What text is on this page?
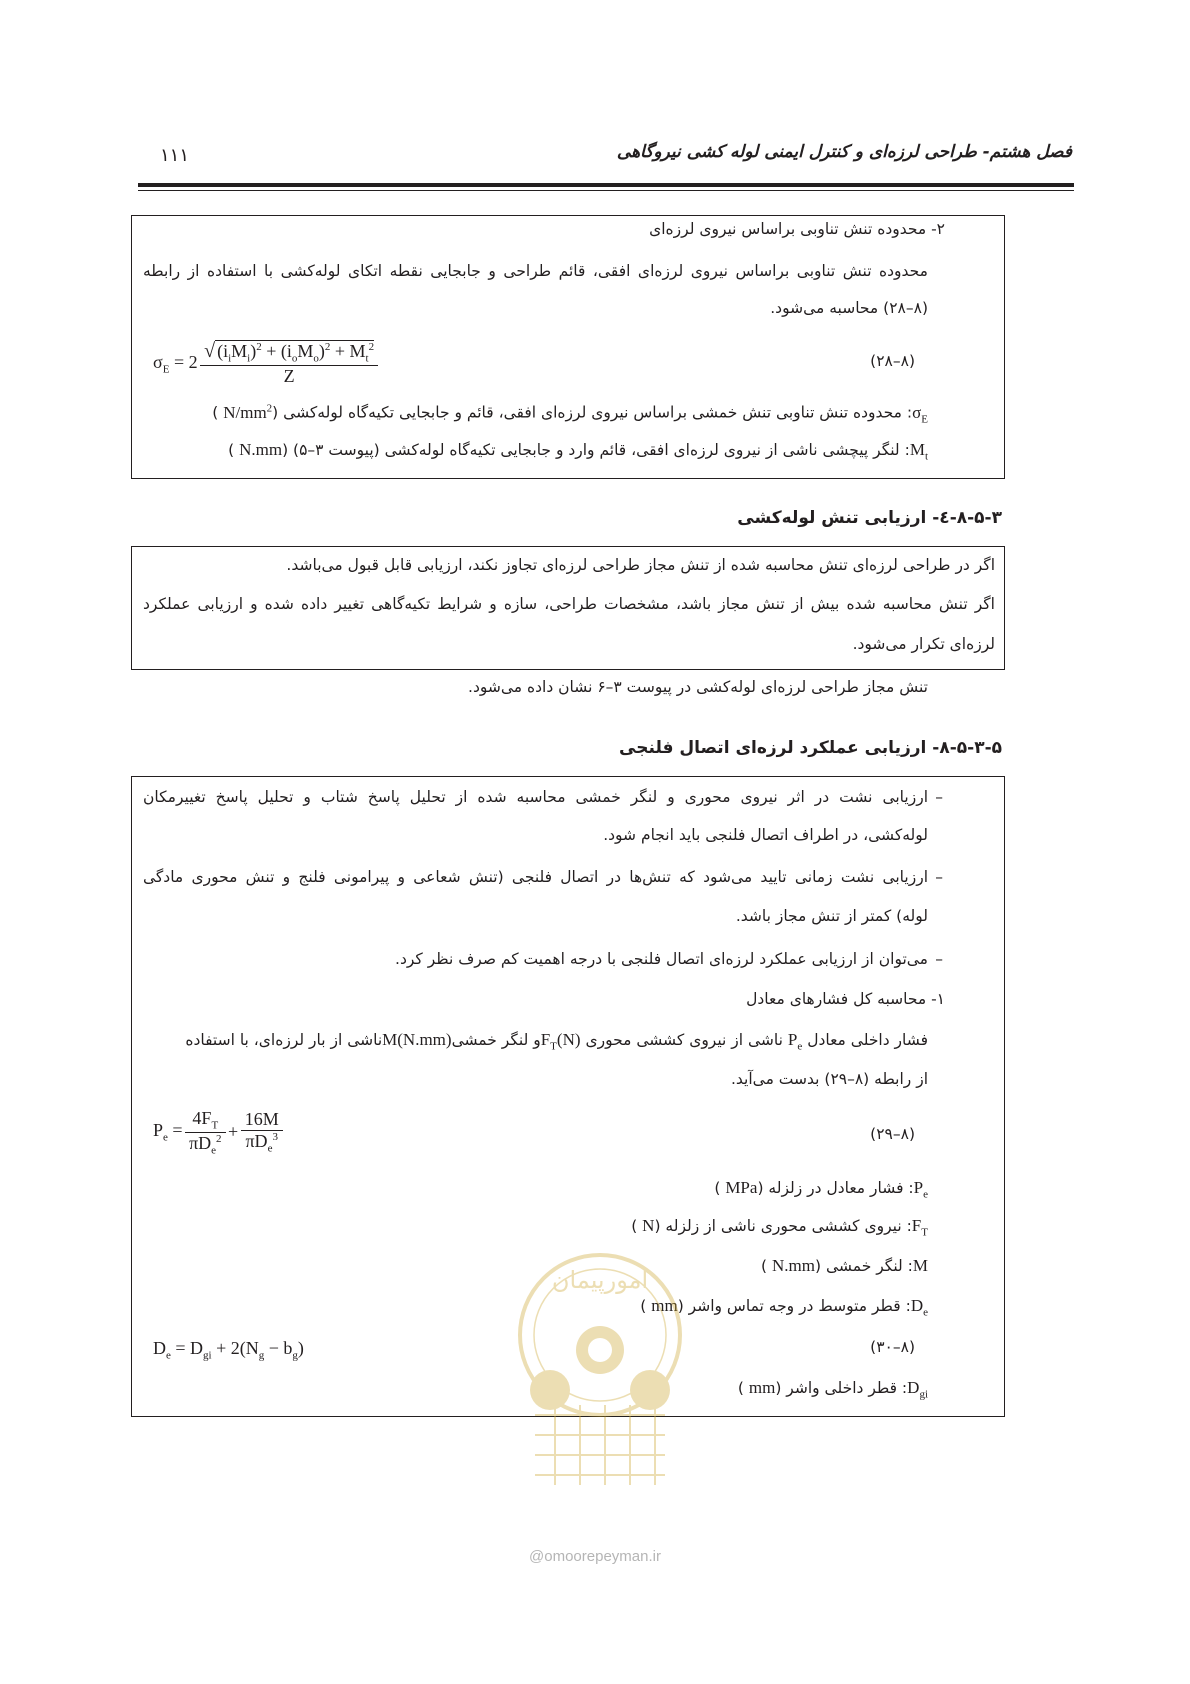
۱۱۱	فصل هشتم- طراحی لرزه‌ای و کنترل ایمنی لوله کشی نیروگاهی
۲- محدوده تنش تناوبی براساس نیروی لرزه‌ای
محدوده تنش تناوبی براساس نیروی لرزه‌ای افقی، قائم طراحی و جابجایی نقطه اتکای لوله‌کشی با استفاده از رابطه
(۸–۲۸) محاسبه می‌شود.
$\sigma_E = 2 \frac{√ (i_iM_i)^2 + (i_oM_o)^2 + M_t^2}{Z}$	(۸–۲۸)
$\sigma_E$: محدوده تنش تناوبی تنش خمشی براساس نیروی لرزه‌ای افقی، قائم و جابجایی تکیه‌گاه لوله‌کشی ($N/mm^2$ )
$M_t$: لنگر پیچشی ناشی از نیروی لرزه‌ای افقی، قائم وارد و جابجایی تکیه‌گاه لوله‌کشی (پیوست ۳–۵) (N.mm )
۸-۵-۳-٤- ارزیابی تنش لوله‌کشی
اگر در طراحی لرزه‌ای تنش محاسبه شده از تنش مجاز طراحی لرزه‌ای تجاوز نکند، ارزیابی قابل قبول می‌باشد.
اگر تنش محاسبه شده بیش از تنش مجاز باشد، مشخصات طراحی، سازه و شرایط تکیه‌گاهی تغییر داده شده و ارزیابی عملکرد
لرزه‌ای تکرار می‌شود.
تنش مجاز طراحی لرزه‌ای لوله‌کشی در پیوست ۳–۶ نشان داده می‌شود.
۸-۵-۳-۵- ارزیابی عملکرد لرزه‌ای اتصال فلنجی
–
ارزیابی نشت در اثر نیروی محوری و لنگر خمشی محاسبه شده از تحلیل پاسخ شتاب و تحلیل پاسخ تغییرمکان
لوله‌کشی، در اطراف اتصال فلنجی باید انجام شود.
–
ارزیابی نشت زمانی تایید می‌شود که تنش‌ها در اتصال فلنجی (تنش شعاعی و پیرامونی فلنج و تنش محوری مادگی
لوله) کمتر از تنش مجاز باشد.
–
می‌توان از ارزیابی عملکرد لرزه‌ای اتصال فلنجی با درجه اهمیت کم صرف نظر کرد.
۱- محاسبه کل فشارهای معادل
فشار داخلی معادل $P_e$ ناشی از نیروی کششی محوری $F_T(N)و$ لنگر خمشیM(N.mm)ناشی از بار لرزه‌ای، با استفاده
از رابطه (۸–۲۹) بدست می‌آید.
$P_e = \frac{4F_T}{\pi D_e^2} + \frac{16M}{\pi D_e^3}$	(۸–۲۹)
$P_e$: فشار معادل در زلزله (MPa )
$F_T$: نیروی کششی محوری ناشی از زلزله (N )
M: لنگر خمشی (N.mm )
$D_e$: قطر متوسط در وجه تماس واشر (mm )
$D_e = D_{gi} + 2(N_g - b_g)$	(۸–۳۰)
$D_{gi}$: قطر داخلی واشر (mm )
امورپیمان
@omoorepeyman.ir
